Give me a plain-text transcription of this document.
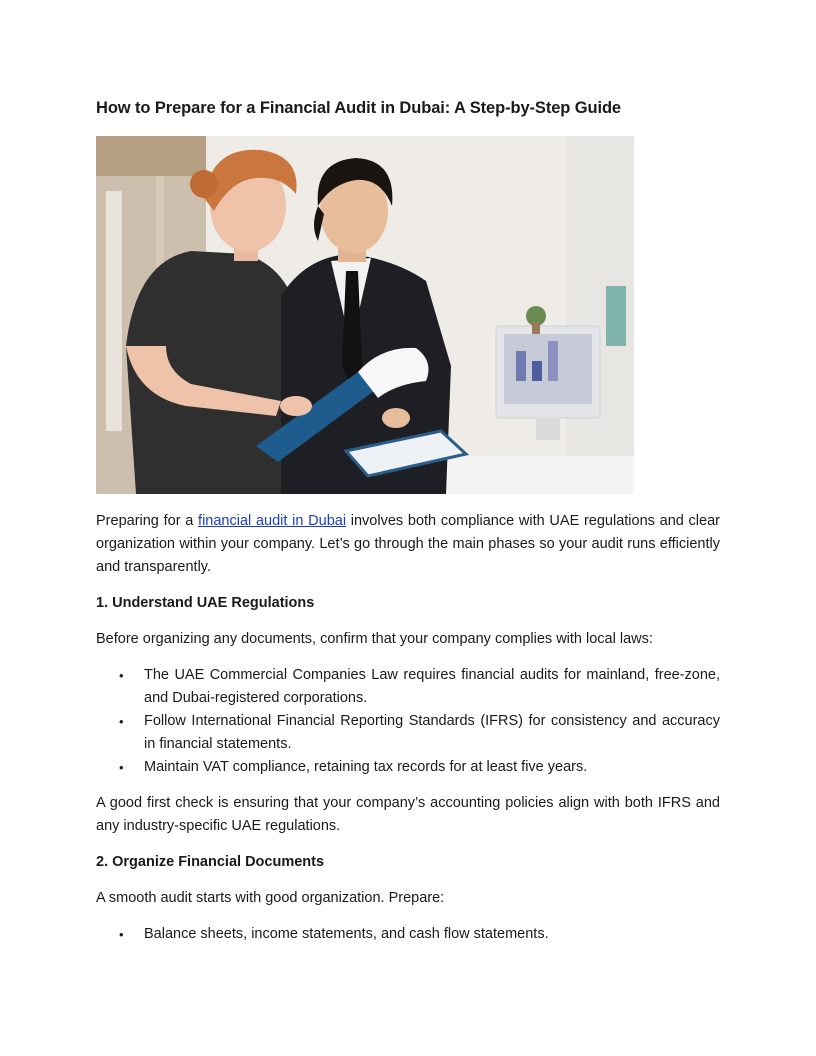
How to Prepare for a Financial Audit in Dubai: A Step-by-Step Guide

Preparing for a financial audit in Dubai involves both compliance with UAE regulations and clear organization within your company. Let’s go through the main phases so your audit runs efficiently and transparently.

1. Understand UAE Regulations

Before organizing any documents, confirm that your company complies with local laws:

• The UAE Commercial Companies Law requires financial audits for mainland, free-zone, and Dubai-registered corporations.
• Follow International Financial Reporting Standards (IFRS) for consistency and accuracy in financial statements.
• Maintain VAT compliance, retaining tax records for at least five years.

A good first check is ensuring that your company’s accounting policies align with both IFRS and any industry-specific UAE regulations.

2. Organize Financial Documents

A smooth audit starts with good organization. Prepare:

• Balance sheets, income statements, and cash flow statements.
